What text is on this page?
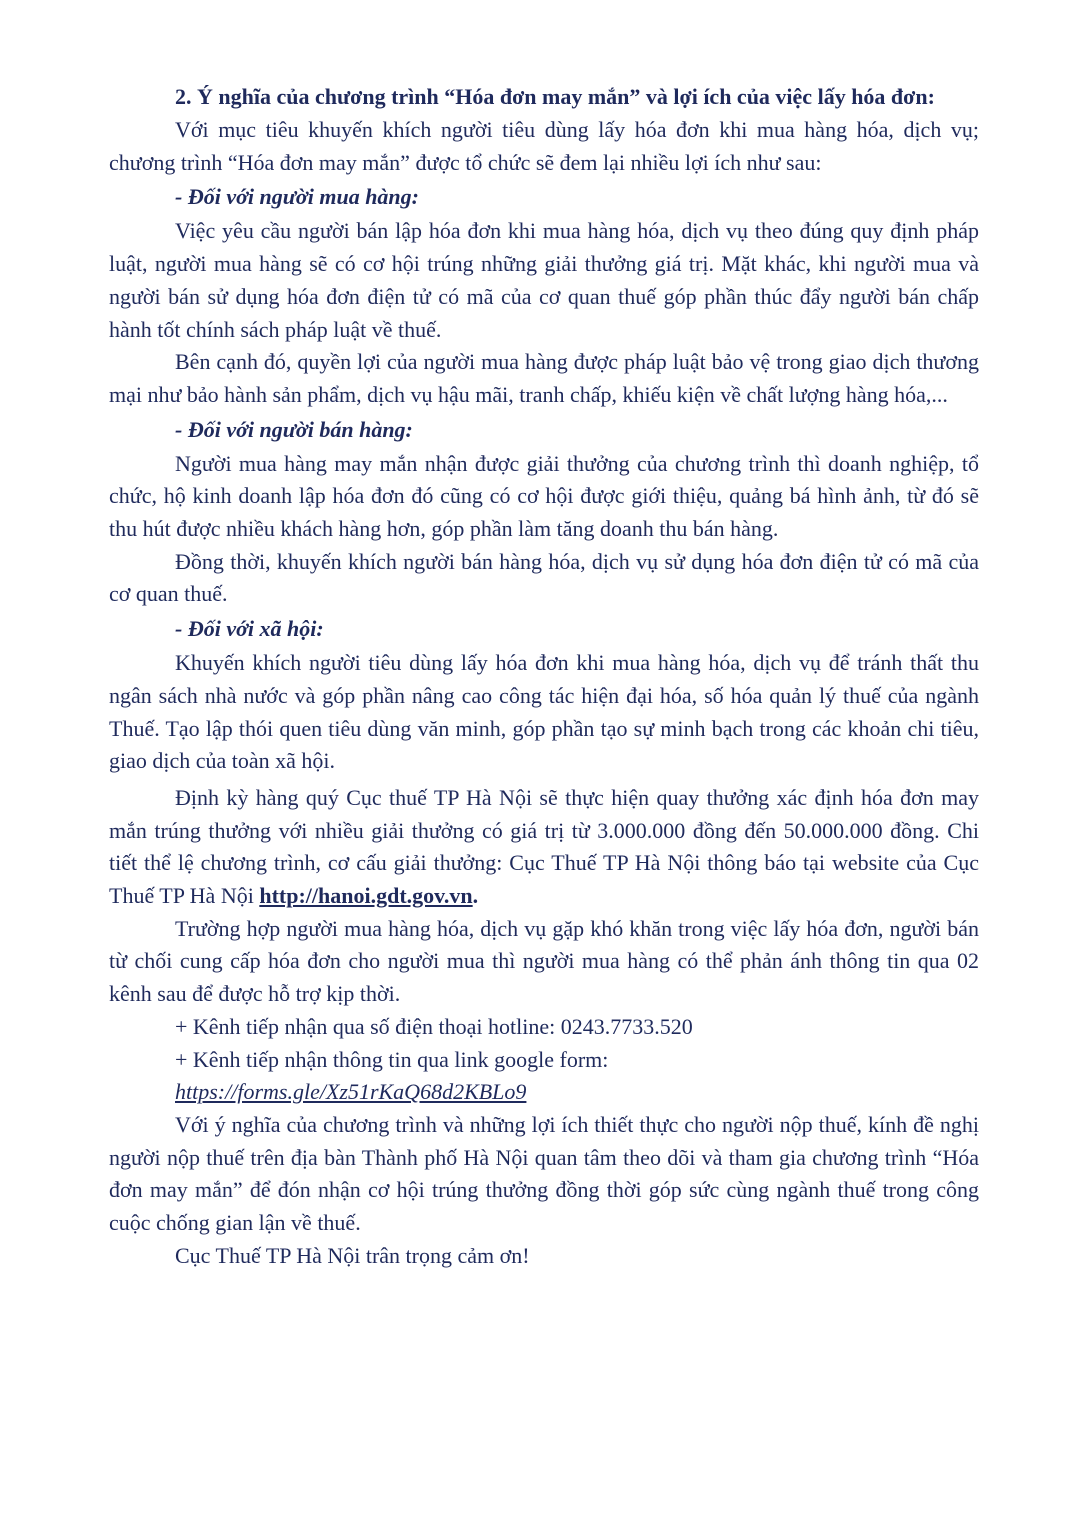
2. Ý nghĩa của chương trình “Hóa đơn may mắn” và lợi ích của việc lấy hóa đơn:

Với mục tiêu khuyến khích người tiêu dùng lấy hóa đơn khi mua hàng hóa, dịch vụ; chương trình “Hóa đơn may mắn” được tổ chức sẽ đem lại nhiều lợi ích như sau:

- Đối với người mua hàng:

Việc yêu cầu người bán lập hóa đơn khi mua hàng hóa, dịch vụ theo đúng quy định pháp luật, người mua hàng sẽ có cơ hội trúng những giải thưởng giá trị. Mặt khác, khi người mua và người bán sử dụng hóa đơn điện tử có mã của cơ quan thuế góp phần thúc đẩy người bán chấp hành tốt chính sách pháp luật về thuế.

Bên cạnh đó, quyền lợi của người mua hàng được pháp luật bảo vệ trong giao dịch thương mại như bảo hành sản phẩm, dịch vụ hậu mãi, tranh chấp, khiếu kiện về chất lượng hàng hóa,...

- Đối với người bán hàng:

Người mua hàng may mắn nhận được giải thưởng của chương trình thì doanh nghiệp, tổ chức, hộ kinh doanh lập hóa đơn đó cũng có cơ hội được giới thiệu, quảng bá hình ảnh, từ đó sẽ thu hút được nhiều khách hàng hơn, góp phần làm tăng doanh thu bán hàng.

Đồng thời, khuyến khích người bán hàng hóa, dịch vụ sử dụng hóa đơn điện tử có mã của cơ quan thuế.

- Đối với xã hội:

Khuyến khích người tiêu dùng lấy hóa đơn khi mua hàng hóa, dịch vụ để tránh thất thu ngân sách nhà nước và góp phần nâng cao công tác hiện đại hóa, số hóa quản lý thuế của ngành Thuế. Tạo lập thói quen tiêu dùng văn minh, góp phần tạo sự minh bạch trong các khoản chi tiêu, giao dịch của toàn xã hội.

Định kỳ hàng quý Cục thuế TP Hà Nội sẽ thực hiện quay thưởng xác định hóa đơn may mắn trúng thưởng với nhiều giải thưởng có giá trị từ 3.000.000 đồng đến 50.000.000 đồng. Chi tiết thể lệ chương trình, cơ cấu giải thưởng: Cục Thuế TP Hà Nội thông báo tại website của Cục Thuế TP Hà Nội http://hanoi.gdt.gov.vn.

Trường hợp người mua hàng hóa, dịch vụ gặp khó khăn trong việc lấy hóa đơn, người bán từ chối cung cấp hóa đơn cho người mua thì người mua hàng có thể phản ánh thông tin qua 02 kênh sau để được hỗ trợ kịp thời.

+ Kênh tiếp nhận qua số điện thoại hotline: 0243.7733.520

+ Kênh tiếp nhận thông tin qua link google form:

https://forms.gle/Xz51rKaQ68d2KBLo9

Với ý nghĩa của chương trình và những lợi ích thiết thực cho người nộp thuế, kính đề nghị người nộp thuế trên địa bàn Thành phố Hà Nội quan tâm theo dõi và tham gia chương trình “Hóa đơn may mắn” để đón nhận cơ hội trúng thưởng đồng thời góp sức cùng ngành thuế trong công cuộc chống gian lận về thuế.

Cục Thuế TP Hà Nội trân trọng cảm ơn!
